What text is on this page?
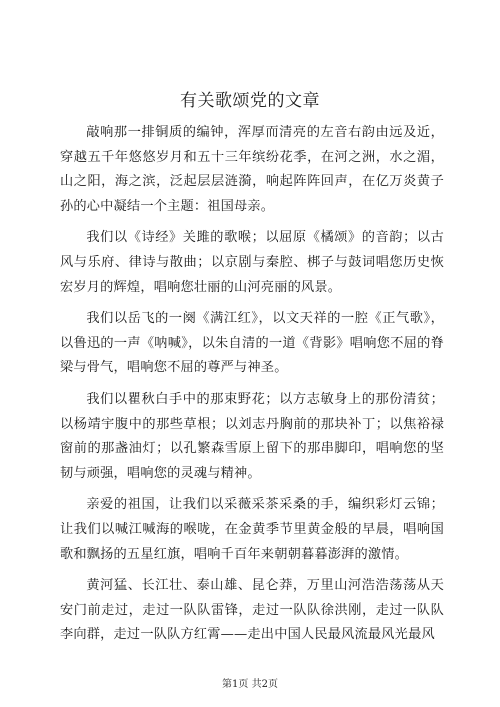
有关歌颂党的文章

敲响那一排铜质的编钟，浑厚而清亮的左音右韵由远及近，穿越五千年悠悠岁月和五十三年缤纷花季，在河之洲，水之湄，山之阳，海之滨，泛起层层涟漪，响起阵阵回声，在亿万炎黄子孙的心中凝结一个主题：祖国母亲。

我们以《诗经》关雎的歌喉；以屈原《橘颂》的音韵；以古风与乐府、律诗与散曲；以京剧与秦腔、梆子与鼓词唱您历史恢宏岁月的辉煌，唱响您壮丽的山河亮丽的风景。

我们以岳飞的一阕《满江红》，以文天祥的一腔《正气歌》，以鲁迅的一声《呐喊》，以朱自清的一道《背影》唱响您不屈的脊梁与骨气，唱响您不屈的尊严与神圣。

我们以瞿秋白手中的那束野花；以方志敏身上的那份清贫；以杨靖宇腹中的那些草根；以刘志丹胸前的那块补丁；以焦裕禄窗前的那盏油灯；以孔繁森雪原上留下的那串脚印，唱响您的坚韧与顽强，唱响您的灵魂与精神。

亲爱的祖国，让我们以采薇采茶采桑的手，编织彩灯云锦；让我们以喊江喊海的喉咙，在金黄季节里黄金般的早晨，唱响国歌和飘扬的五星红旗，唱响千百年来朝朝暮暮澎湃的激情。

黄河猛、长江壮、泰山雄、昆仑莽，万里山河浩浩荡荡从天安门前走过，走过一队队雷锋，走过一队队徐洪刚，走过一队队李向群，走过一队队方红霄——走出中国人民最风流最风光最风

第1页 共2页
